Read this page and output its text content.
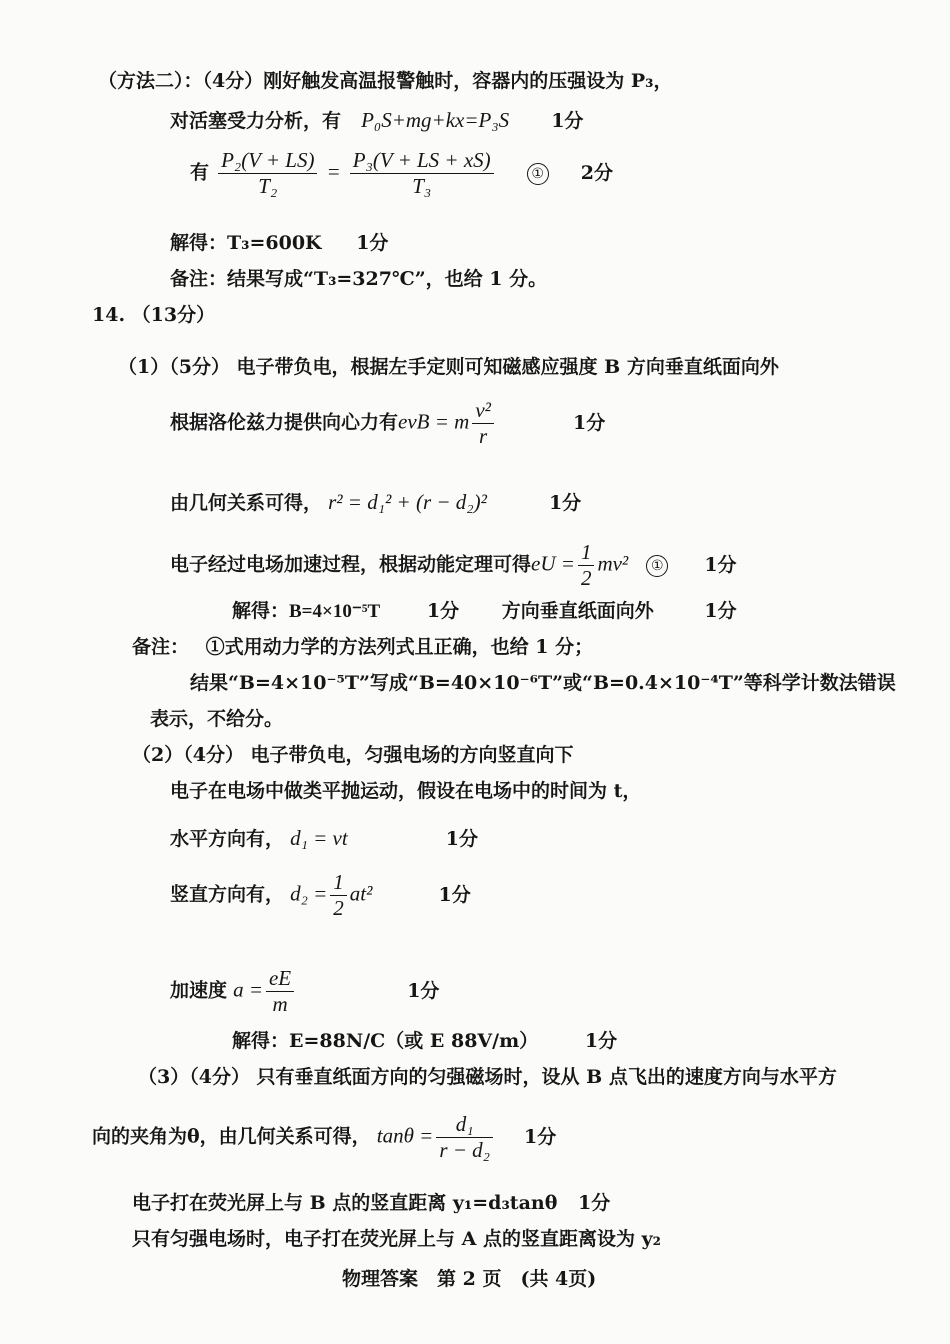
（方法二）：（4分）刚好触发高温报警触时，容器内的压强设为 P₃，
对活塞受力分析，有 P₀S+mg+kx=P₃S 1分
有 $\frac{\text{P₂(V + LS)}}{\text{T₂}} = \frac{\text{P₃(V + LS + xS)}}{\text{T₃}}$	① 2分
解得：T₃=600K 1分
备注：结果写成“T₃=327℃”，也给 1 分。
14. （13分）
（1）（5分） 电子带负电，根据左手定则可知磁感应强度 B 方向垂直纸面向外
根据洛伦兹力提供向心力有evB = m $\frac{\text{v²}}{r}$	1分
由几何关系可得， r² = d₁² + (r − d₂)²	1分
电子经过电场加速过程，根据动能定理可得eU = $\frac{1}{2} mv^2$ ① 1分
解得：B=4×10⁻⁵T 1分 方向垂直纸面向外	1分
备注： ①式用动力学的方法列式且正确，也给 1 分；
结果“B=4×10⁻⁵T”写成“B=40×10⁻⁶T”或“B=0.4×10⁻⁴T”等科学计数法错误
表示，不给分。
（2）（4分） 电子带负电，匀强电场的方向竖直向下
电子在电场中做类平抛运动，假设在电场中的时间为 t，
水平方向有， d₁ = vt	1分
竖直方向有， $d_2 = \frac{1}{2} at^2$	1分
加速度 $a = \frac{eE}{m}$	1分
解得：E=88N/C（或 E 88V/m） 1分
（3）（4分） 只有垂直纸面方向的匀强磁场时，设从 B 点飞出的速度方向与水平方
向的夹角为θ，由几何关系可得， $\tan\theta = \frac{\text{d₁}}{\text{r − d₂}} 1$分
电子打在荧光屏上与 B 点的竖直距离 y₁=d₃tanθ 1分
只有匀强电场时，电子打在荧光屏上与 A 点的竖直距离设为 y₂
物理答案　第 2 页　(共 4页)
